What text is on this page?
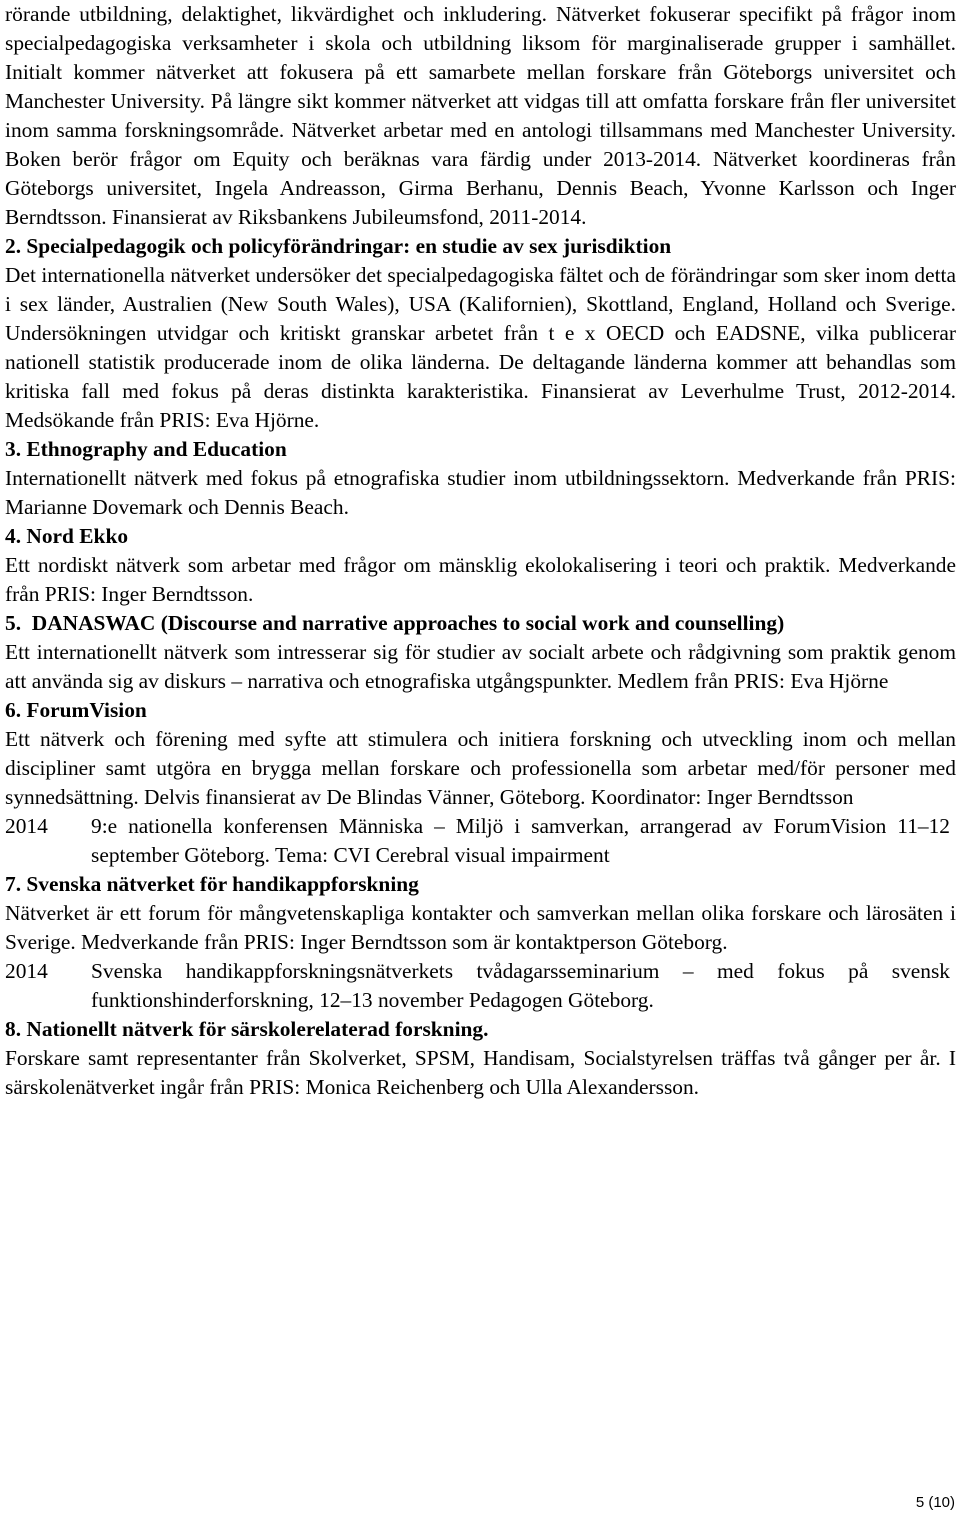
rörande utbildning, delaktighet, likvärdighet och inkludering. Nätverket fokuserar specifikt på frågor inom specialpedagogiska verksamheter i skola och utbildning liksom för marginaliserade grupper i samhället. Initialt kommer nätverket att fokusera på ett samarbete mellan forskare från Göteborgs universitet och Manchester University. På längre sikt kommer nätverket att vidgas till att omfatta forskare från fler universitet inom samma forskningsområde. Nätverket arbetar med en antologi tillsammans med Manchester University. Boken berör frågor om Equity och beräknas vara färdig under 2013-2014. Nätverket koordineras från Göteborgs universitet, Ingela Andreasson, Girma Berhanu, Dennis Beach, Yvonne Karlsson och Inger Berndtsson. Finansierat av Riksbankens Jubileumsfond, 2011-2014.

2. Specialpedagogik och policyförändringar: en studie av sex jurisdiktion

Det internationella nätverket undersöker det specialpedagogiska fältet och de förändringar som sker inom detta i sex länder, Australien (New South Wales), USA (Kalifornien), Skottland, England, Holland och Sverige. Undersökningen utvidgar och kritiskt granskar arbetet från t e x OECD och EADSNE, vilka publicerar nationell statistik producerade inom de olika länderna. De deltagande länderna kommer att behandlas som kritiska fall med fokus på deras distinkta karakteristika. Finansierat av Leverhulme Trust, 2012-2014. Medsökande från PRIS: Eva Hjörne.

3. Ethnography and Education

Internationellt nätverk med fokus på etnografiska studier inom utbildningssektorn. Medverkande från PRIS: Marianne Dovemark och Dennis Beach.

4. Nord Ekko

Ett nordiskt nätverk som arbetar med frågor om mänsklig ekolokalisering i teori och praktik. Medverkande från PRIS: Inger Berndtsson.

5. DANASWAC (Discourse and narrative approaches to social work and counselling)

Ett internationellt nätverk som intresserar sig för studier av socialt arbete och rådgivning som praktik genom att använda sig av diskurs – narrativa och etnografiska utgångspunkter. Medlem från PRIS: Eva Hjörne

6. ForumVision

Ett nätverk och förening med syfte att stimulera och initiera forskning och utveckling inom och mellan discipliner samt utgöra en brygga mellan forskare och professionella som arbetar med/för personer med synnedsättning. Delvis finansierat av De Blindas Vänner, Göteborg. Koordinator: Inger Berndtsson

2014	9:e nationella konferensen Människa – Miljö i samverkan, arrangerad av ForumVision 11–12 september Göteborg. Tema: CVI Cerebral visual impairment

7. Svenska nätverket för handikappforskning

Nätverket är ett forum för mångvetenskapliga kontakter och samverkan mellan olika forskare och lärosäten i Sverige. Medverkande från PRIS: Inger Berndtsson som är kontaktperson Göteborg.

2014	Svenska handikappforskningsnätverkets tvådagarsseminarium – med fokus på svensk funktionshinderforskning, 12–13 november Pedagogen Göteborg.

8. Nationellt nätverk för särskolerelaterad forskning.

Forskare samt representanter från Skolverket, SPSM, Handisam, Socialstyrelsen träffas två gånger per år. I särskolenätverket ingår från PRIS: Monica Reichenberg och Ulla Alexandersson.

5 (10)
